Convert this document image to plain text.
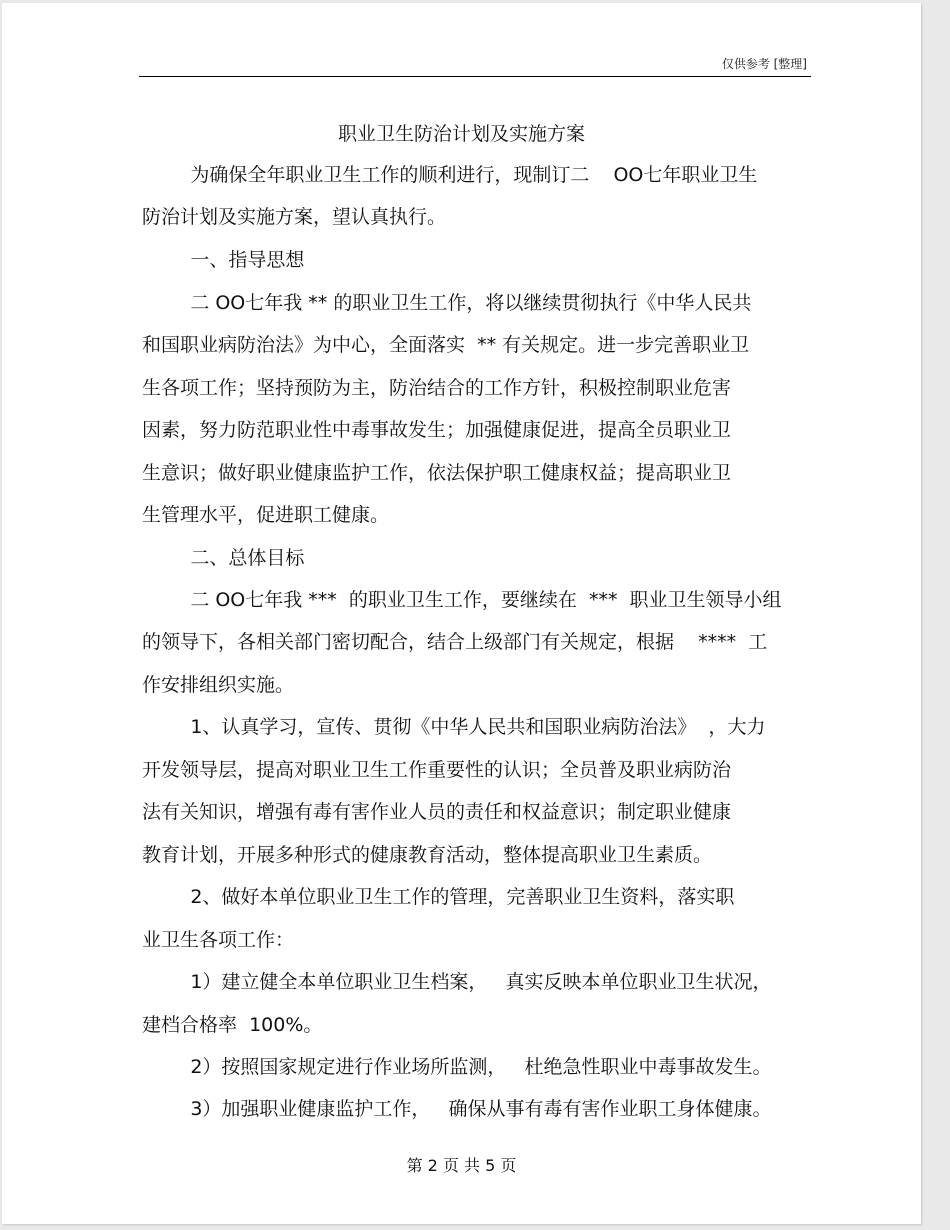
仅供参考 [整理]
职业卫生防治计划及实施方案
为确保全年职业卫生工作的顺利进行，现制订二    OO七年职业卫生
防治计划及实施方案，望认真执行。
一、指导思想
二 OO七年我 ** 的职业卫生工作，将以继续贯彻执行《中华人民共
和国职业病防治法》为中心，全面落实  ** 有关规定。进一步完善职业卫
生各项工作；坚持预防为主，防治结合的工作方针，积极控制职业危害
因素，努力防范职业性中毒事故发生；加强健康促进，提高全员职业卫
生意识；做好职业健康监护工作，依法保护职工健康权益；提高职业卫
生管理水平，促进职工健康。
二、总体目标
二 OO七年我 ***  的职业卫生工作，要继续在  ***  职业卫生领导小组
的领导下，各相关部门密切配合，结合上级部门有关规定，根据    ****  工
作安排组织实施。
1、认真学习，宣传、贯彻《中华人民共和国职业病防治法》  ，大力
开发领导层，提高对职业卫生工作重要性的认识；全员普及职业病防治
法有关知识，增强有毒有害作业人员的责任和权益意识；制定职业健康
教育计划，开展多种形式的健康教育活动，整体提高职业卫生素质。
2、做好本单位职业卫生工作的管理，完善职业卫生资料，落实职
业卫生各项工作：
1）建立健全本单位职业卫生档案，   真实反映本单位职业卫生状况，
建档合格率  100%。
2）按照国家规定进行作业场所监测，   杜绝急性职业中毒事故发生。
3）加强职业健康监护工作，   确保从事有毒有害作业职工身体健康。
第 2 页 共 5 页
